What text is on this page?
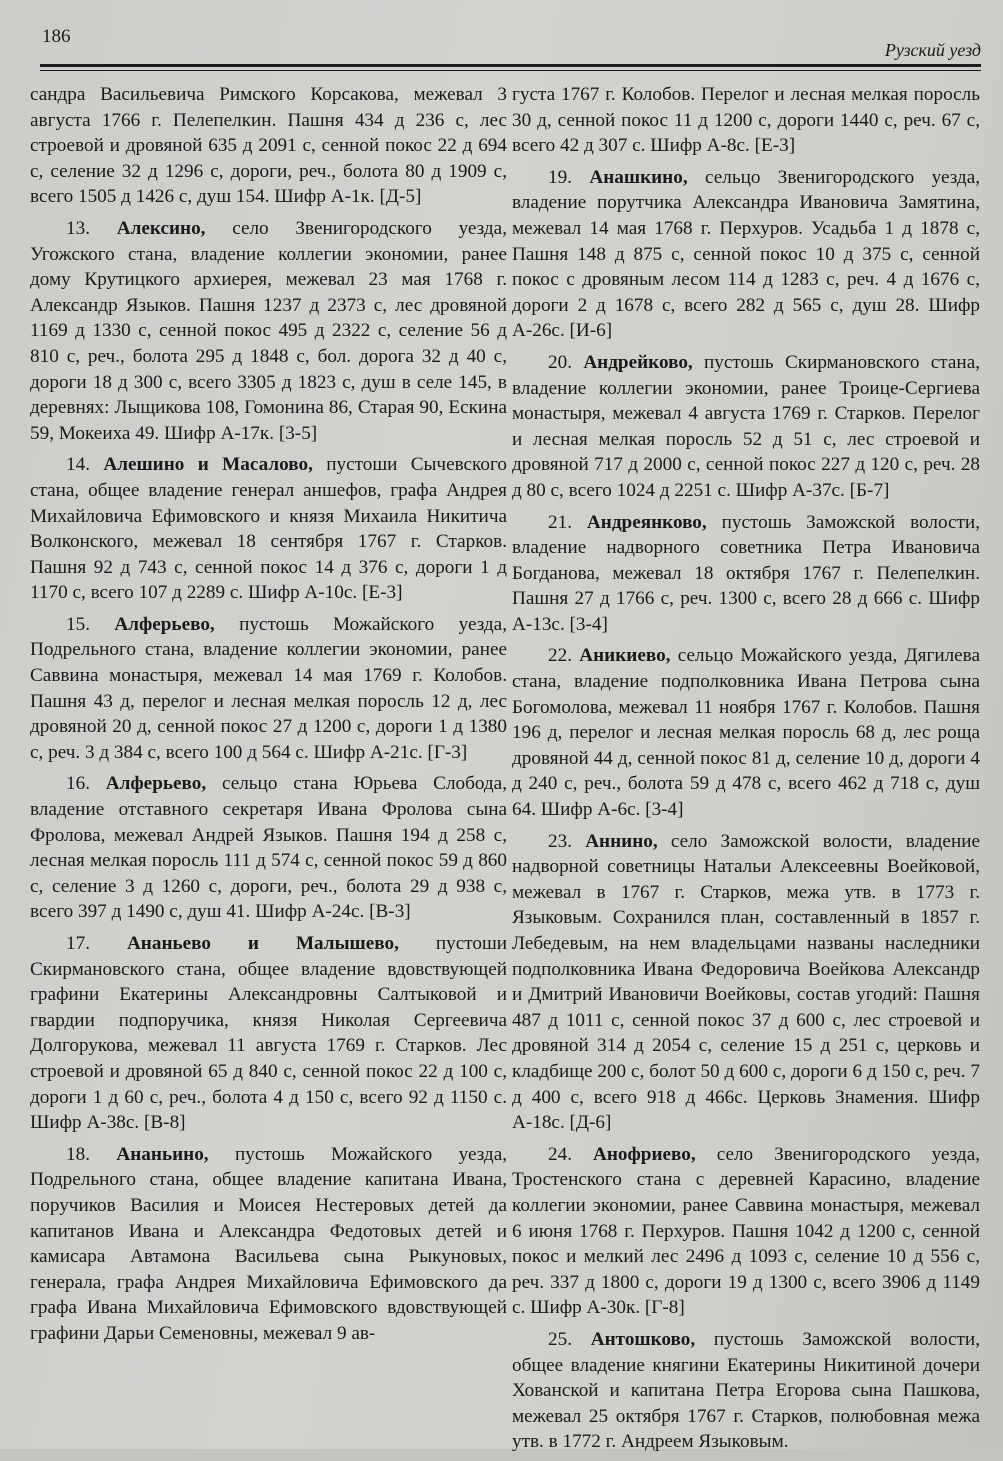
186
Рузский уезд

сандра Васильевича Римского Корсакова, межевал 3 августа 1766 г. Пелепелкин. Пашня 434 д 236 с, лес строевой и дровяной 635 д 2091 с, сенной покос 22 д 694 с, селение 32 д 1296 с, дороги, реч., болота 80 д 1909 с, всего 1505 д 1426 с, душ 154. Шифр А-1к. [Д-5]

13. Алексино, село Звенигородского уезда, Угожского стана, владение коллегии экономии, ранее дому Крутицкого архиерея, межевал 23 мая 1768 г. Александр Языков. Пашня 1237 д 2373 с, лес дровяной 1169 д 1330 с, сенной покос 495 д 2322 с, селение 56 д 810 с, реч., болота 295 д 1848 с, бол. дорога 32 д 40 с, дороги 18 д 300 с, всего 3305 д 1823 с, душ в селе 145, в деревнях: Лыщикова 108, Гомонина 86, Старая 90, Ескина 59, Мокеиха 49. Шифр А-17к. [3-5]

14. Алешино и Масалово, пустоши Сычевского стана, общее владение генерал аншефов, графа Андрея Михайловича Ефимовского и князя Михаила Никитича Волконского, межевал 18 сентября 1767 г. Старков. Пашня 92 д 743 с, сенной покос 14 д 376 с, дороги 1 д 1170 с, всего 107 д 2289 с. Шифр А-10с. [Е-3]

15. Алферьево, пустошь Можайского уезда, Подрельного стана, владение коллегии экономии, ранее Саввина монастыря, межевал 14 мая 1769 г. Колобов. Пашня 43 д, перелог и лесная мелкая поросль 12 д, лес дровяной 20 д, сенной покос 27 д 1200 с, дороги 1 д 1380 с, реч. 3 д 384 с, всего 100 д 564 с. Шифр А-21с. [Г-3]

16. Алферьево, сельцо стана Юрьева Слобода, владение отставного секретаря Ивана Фролова сына Фролова, межевал Андрей Языков. Пашня 194 д 258 с, лесная мелкая поросль 111 д 574 с, сенной покос 59 д 860 с, селение 3 д 1260 с, дороги, реч., болота 29 д 938 с, всего 397 д 1490 с, душ 41. Шифр А-24с. [В-3]

17. Ананьево и Малышево, пустоши Скирмановского стана, общее владение вдовствующей графини Екатерины Александровны Салтыковой и гвардии подпоручика, князя Николая Сергеевича Долгорукова, межевал 11 августа 1769 г. Старков. Лес строевой и дровяной 65 д 840 с, сенной покос 22 д 100 с, дороги 1 д 60 с, реч., болота 4 д 150 с, всего 92 д 1150 с. Шифр А-38с. [В-8]

18. Ананьино, пустошь Можайского уезда, Подрельного стана, общее владение капитана Ивана, поручиков Василия и Моисея Нестеровых детей да капитанов Ивана и Александра Федотовых детей и камисара Автамона Васильева сына Рыкуновых, генерала, графа Андрея Михайловича Ефимовского да графа Ивана Михайловича Ефимовского вдовствующей графини Дарьи Семеновны, межевал 9 ав-

густа 1767 г. Колобов. Перелог и лесная мелкая поросль 30 д, сенной покос 11 д 1200 с, дороги 1440 с, реч. 67 с, всего 42 д 307 с. Шифр А-8с. [Е-3]

19. Анашкино, сельцо Звенигородского уезда, владение порутчика Александра Ивановича Замятина, межевал 14 мая 1768 г. Перхуров. Усадьба 1 д 1878 с, Пашня 148 д 875 с, сенной покос 10 д 375 с, сенной покос с дровяным лесом 114 д 1283 с, реч. 4 д 1676 с, дороги 2 д 1678 с, всего 282 д 565 с, душ 28. Шифр А-26с. [И-6]

20. Андрейково, пустошь Скирмановского стана, владение коллегии экономии, ранее Троице-Сергиева монастыря, межевал 4 августа 1769 г. Старков. Перелог и лесная мелкая поросль 52 д 51 с, лес строевой и дровяной 717 д 2000 с, сенной покос 227 д 120 с, реч. 28 д 80 с, всего 1024 д 2251 с. Шифр А-37с. [Б-7]

21. Андреянково, пустошь Заможской волости, владение надворного советника Петра Ивановича Богданова, межевал 18 октября 1767 г. Пелепелкин. Пашня 27 д 1766 с, реч. 1300 с, всего 28 д 666 с. Шифр А-13с. [3-4]

22. Аникиево, сельцо Можайского уезда, Дягилева стана, владение подполковника Ивана Петрова сына Богомолова, межевал 11 ноября 1767 г. Колобов. Пашня 196 д, перелог и лесная мелкая поросль 68 д, лес роща дровяной 44 д, сенной покос 81 д, селение 10 д, дороги 4 д 240 с, реч., болота 59 д 478 с, всего 462 д 718 с, душ 64. Шифр А-6с. [3-4]

23. Аннино, село Заможской волости, владение надворной советницы Натальи Алексеевны Воейковой, межевал в 1767 г. Старков, межа утв. в 1773 г. Языковым. Сохранился план, составленный в 1857 г. Лебедевым, на нем владельцами названы наследники подполковника Ивана Федоровича Воейкова Александр и Дмитрий Ивановичи Воейковы, состав угодий: Пашня 487 д 1011 с, сенной покос 37 д 600 с, лес строевой и дровяной 314 д 2054 с, селение 15 д 251 с, церковь и кладбище 200 с, болот 50 д 600 с, дороги 6 д 150 с, реч. 7 д 400 с, всего 918 д 466с. Церковь Знамения. Шифр А-18с. [Д-6]

24. Анофриево, село Звенигородского уезда, Тростенского стана с деревней Карасино, владение коллегии экономии, ранее Саввина монастыря, межевал 6 июня 1768 г. Перхуров. Пашня 1042 д 1200 с, сенной покос и мелкий лес 2496 д 1093 с, селение 10 д 556 с, реч. 337 д 1800 с, дороги 19 д 1300 с, всего 3906 д 1149 с. Шифр А-30к. [Г-8]

25. Антошково, пустошь Заможской волости, общее владение княгини Екатерины Никитиной дочери Хованской и капитана Петра Егорова сына Пашкова, межевал 25 октября 1767 г. Старков, полюбовная межа утв. в 1772 г. Андреем Языковым.
